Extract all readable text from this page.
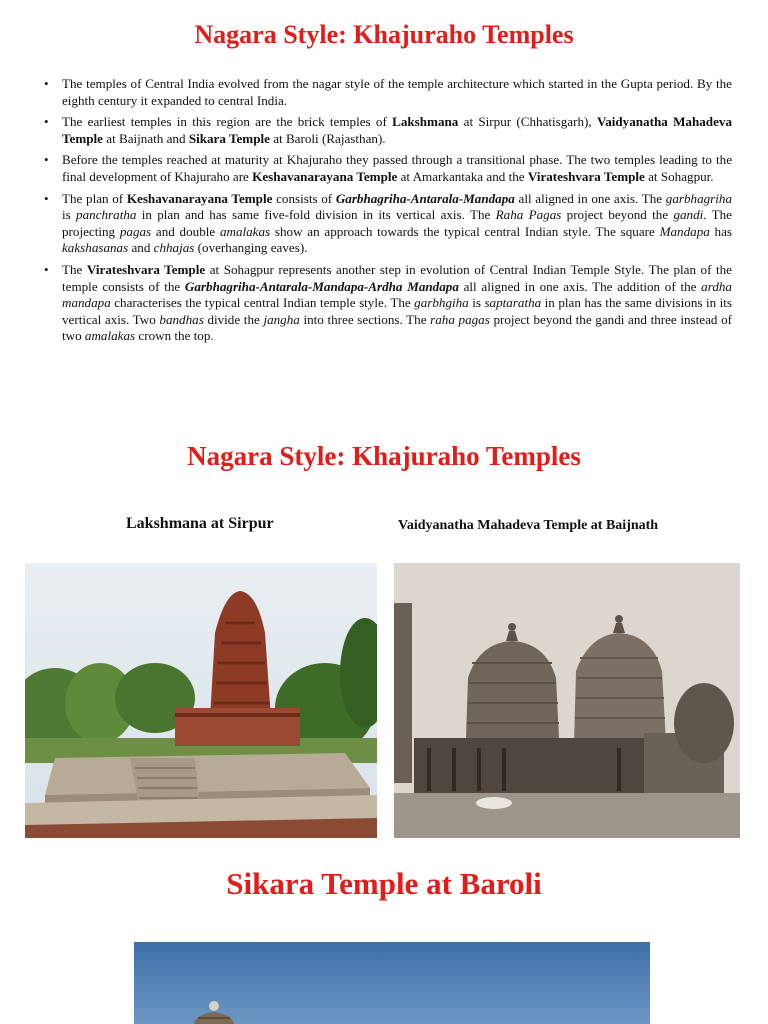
Nagara Style: Khajuraho Temples
• The temples of Central India evolved from the nagar style of the temple architecture which started in the Gupta period. By the eighth century it expanded to central India.
• The earliest temples in this region are the brick temples of Lakshmana at Sirpur (Chhatisgarh), Vaidyanatha Mahadeva Temple at Baijnath and Sikara Temple at Baroli (Rajasthan).
• Before the temples reached at maturity at Khajuraho they passed through a transitional phase. The two temples leading to the final development of Khajuraho are Keshavanarayana Temple at Amarkantaka and the Virateshvara Temple at Sohagpur.
• The plan of Keshavanarayana Temple consists of Garbhagriha-Antarala-Mandapa all aligned in one axis. The garbhagriha is panchratha in plan and has same five-fold division in its vertical axis. The Raha Pagas project beyond the gandi. The projecting pagas and double amalakas show an approach towards the typical central Indian style. The square Mandapa has kakshasanas and chhajas (overhanging eaves).
• The Virateshvara Temple at Sohagpur represents another step in evolution of Central Indian Temple Style. The plan of the temple consists of the Garbhagriha-Antarala-Mandapa-Ardha Mandapa all aligned in one axis. The addition of the ardha mandapa characterises the typical central Indian temple style. The garbhgiha is saptaratha in plan has the same divisions in its vertical axis. Two bandhas divide the jangha into three sections. The raha pagas project beyond the gandi and three instead of two amalakas crown the top.
Nagara Style: Khajuraho Temples

Lakshmana at Sirpur	Vaidyanatha Mahadeva Temple at Baijnath

Sikara Temple at Baroli
